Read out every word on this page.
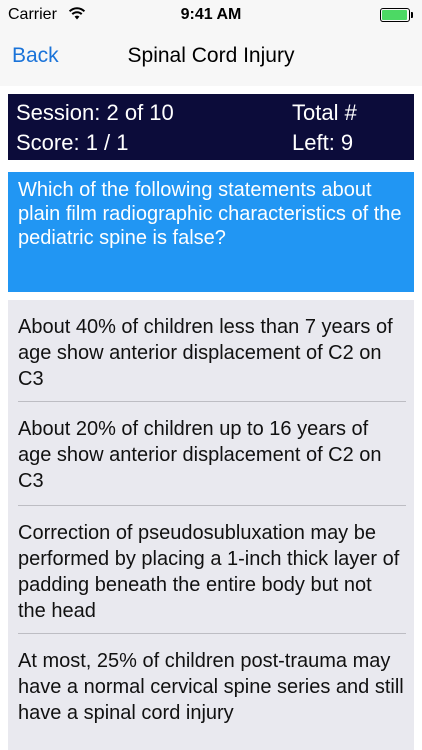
Carrier	9:41 AM
Back	Spinal Cord Injury
Session: 2 of 10	Total #
Score: 1 / 1	Left: 9
Which of the following statements about plain film radiographic characteristics of the pediatric spine is false?
About 40% of children less than 7 years of age show anterior displacement of C2 on C3
About 20% of children up to 16 years of age show anterior displacement of C2 on C3
Correction of pseudosubluxation may be performed by placing a 1-inch thick layer of padding beneath the entire body but not the head
At most, 25% of children post-trauma may have a normal cervical spine series and still have a spinal cord injury
